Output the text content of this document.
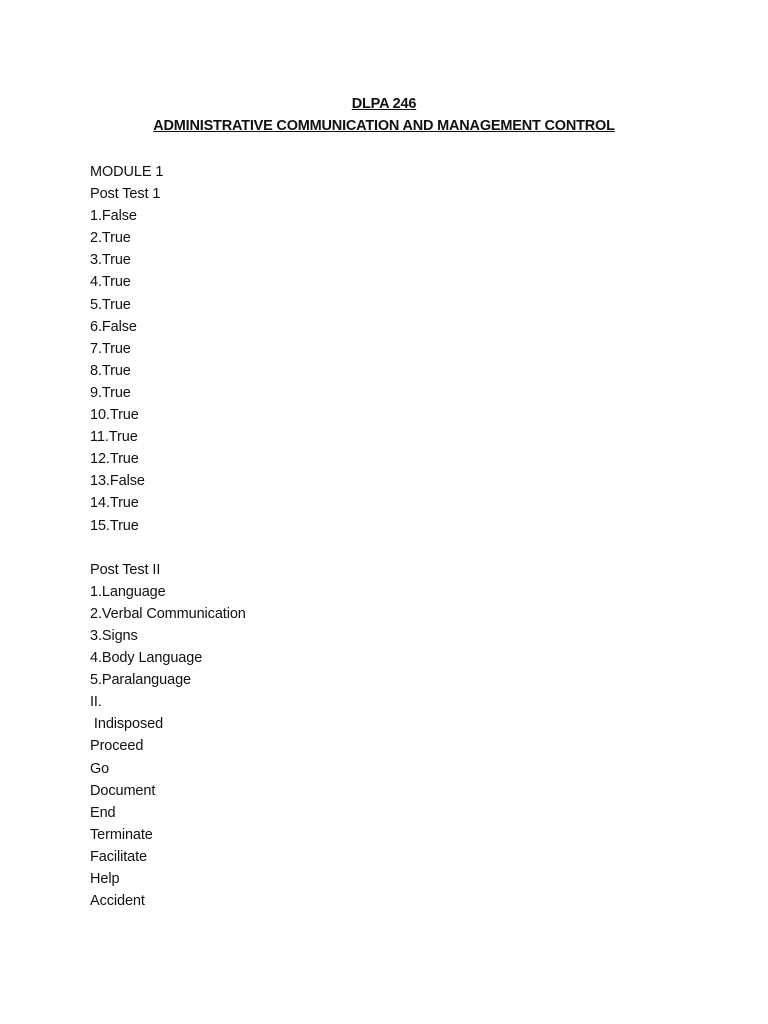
DLPA 246
ADMINISTRATIVE COMMUNICATION AND MANAGEMENT CONTROL
MODULE 1
Post Test 1
1.False
2.True
3.True
4.True
5.True
6.False
7.True
8.True
9.True
10.True
11.True
12.True
13.False
14.True
15.True
Post Test II
1.Language
2.Verbal Communication
3.Signs
4.Body Language
5.Paralanguage
II.
Indisposed
Proceed
Go
Document
End
Terminate
Facilitate
Help
Accident
